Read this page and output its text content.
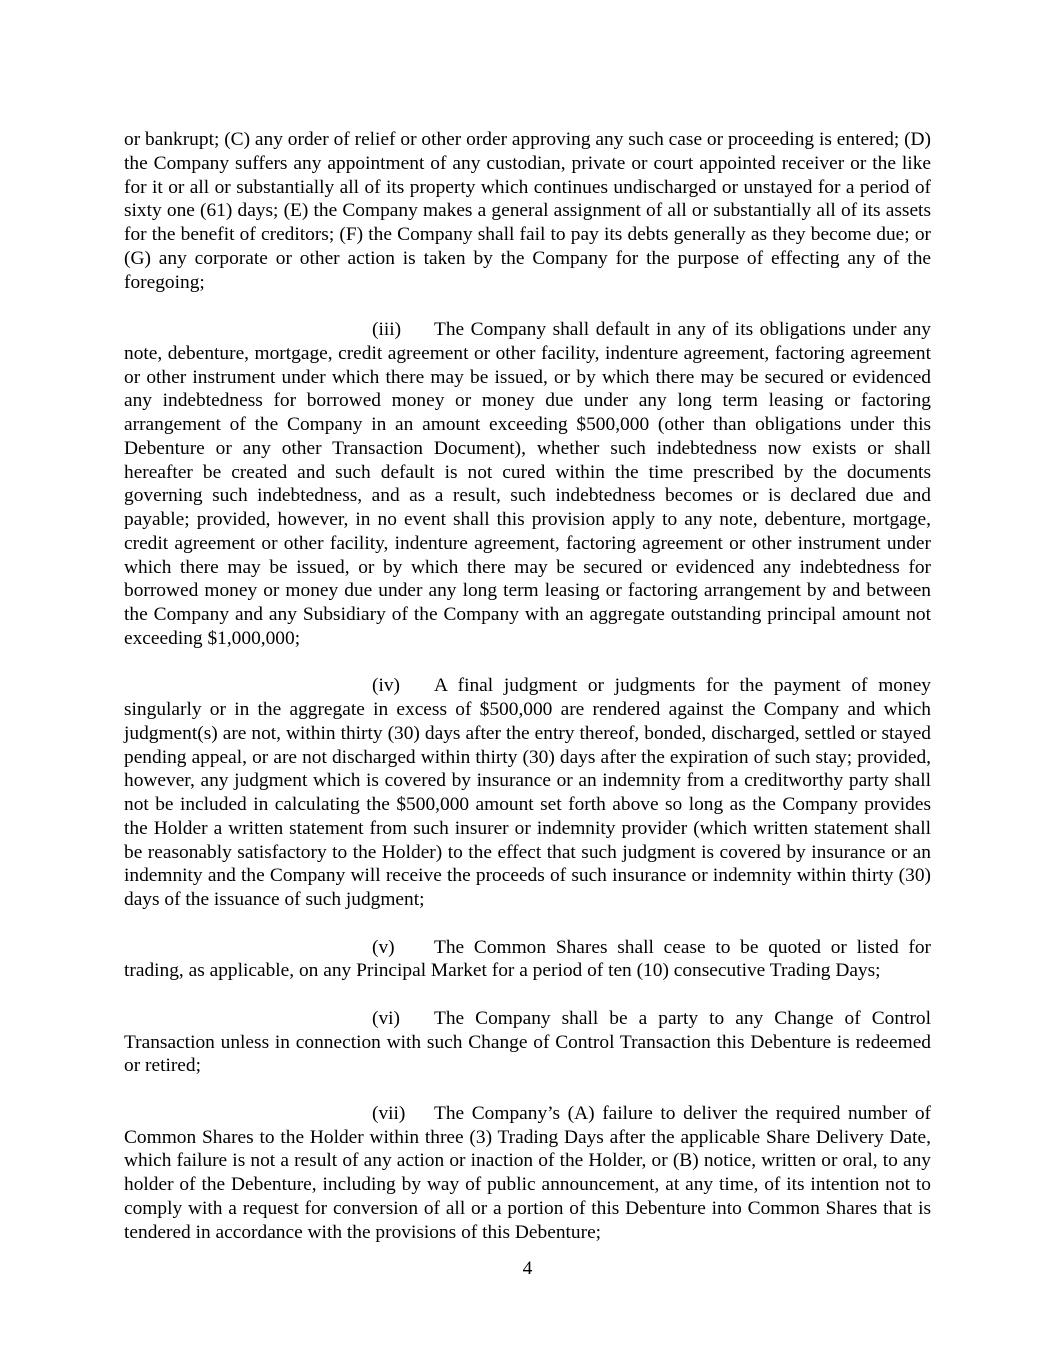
or bankrupt; (C) any order of relief or other order approving any such case or proceeding is entered; (D) the Company suffers any appointment of any custodian, private or court appointed receiver or the like for it or all or substantially all of its property which continues undischarged or unstayed for a period of sixty one (61) days; (E) the Company makes a general assignment of all or substantially all of its assets for the benefit of creditors; (F) the Company shall fail to pay its debts generally as they become due; or (G) any corporate or other action is taken by the Company for the purpose of effecting any of the foregoing;

(iii) The Company shall default in any of its obligations under any note, debenture, mortgage, credit agreement or other facility, indenture agreement, factoring agreement or other instrument under which there may be issued, or by which there may be secured or evidenced any indebtedness for borrowed money or money due under any long term leasing or factoring arrangement of the Company in an amount exceeding $500,000 (other than obligations under this Debenture or any other Transaction Document), whether such indebtedness now exists or shall hereafter be created and such default is not cured within the time prescribed by the documents governing such indebtedness, and as a result, such indebtedness becomes or is declared due and payable; provided, however, in no event shall this provision apply to any note, debenture, mortgage, credit agreement or other facility, indenture agreement, factoring agreement or other instrument under which there may be issued, or by which there may be secured or evidenced any indebtedness for borrowed money or money due under any long term leasing or factoring arrangement by and between the Company and any Subsidiary of the Company with an aggregate outstanding principal amount not exceeding $1,000,000;

(iv) A final judgment or judgments for the payment of money singularly or in the aggregate in excess of $500,000 are rendered against the Company and which judgment(s) are not, within thirty (30) days after the entry thereof, bonded, discharged, settled or stayed pending appeal, or are not discharged within thirty (30) days after the expiration of such stay; provided, however, any judgment which is covered by insurance or an indemnity from a creditworthy party shall not be included in calculating the $500,000 amount set forth above so long as the Company provides the Holder a written statement from such insurer or indemnity provider (which written statement shall be reasonably satisfactory to the Holder) to the effect that such judgment is covered by insurance or an indemnity and the Company will receive the proceeds of such insurance or indemnity within thirty (30) days of the issuance of such judgment;

(v) The Common Shares shall cease to be quoted or listed for trading, as applicable, on any Principal Market for a period of ten (10) consecutive Trading Days;

(vi) The Company shall be a party to any Change of Control Transaction unless in connection with such Change of Control Transaction this Debenture is redeemed or retired;

(vii) The Company’s (A) failure to deliver the required number of Common Shares to the Holder within three (3) Trading Days after the applicable Share Delivery Date, which failure is not a result of any action or inaction of the Holder, or (B) notice, written or oral, to any holder of the Debenture, including by way of public announcement, at any time, of its intention not to comply with a request for conversion of all or a portion of this Debenture into Common Shares that is tendered in accordance with the provisions of this Debenture;

4
